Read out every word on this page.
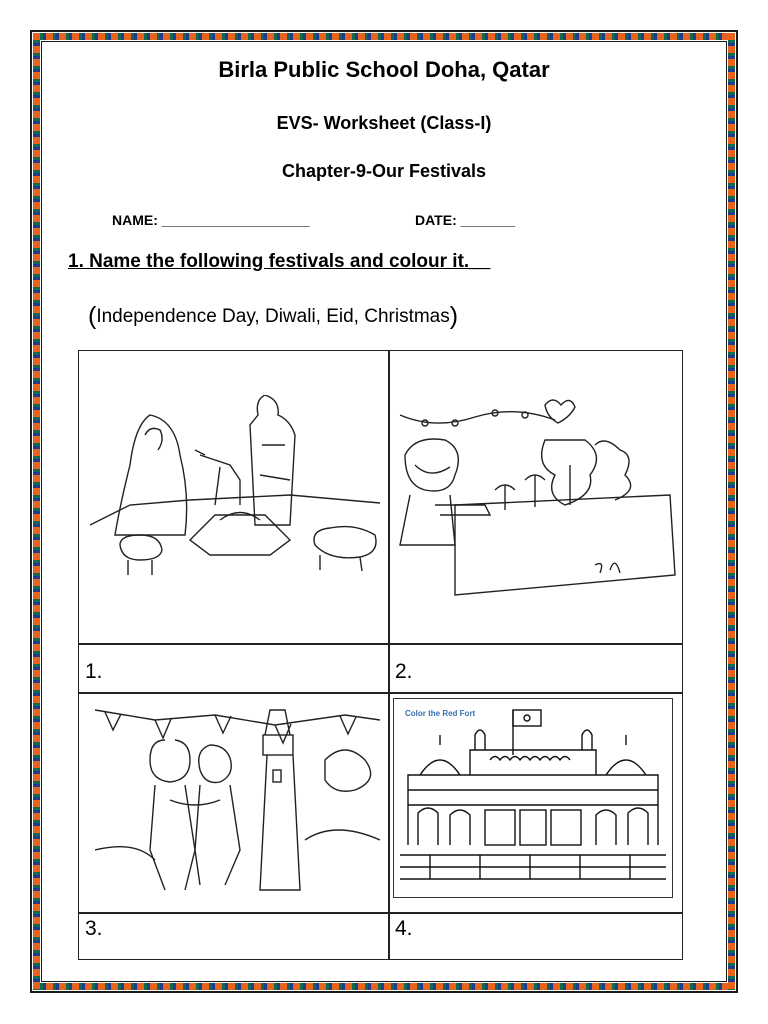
Birla Public School Doha, Qatar
EVS- Worksheet (Class-I)
Chapter-9-Our Festivals
NAME: ___________________	DATE: _______
1. Name the following festivals and colour it.__
(Independence Day, Diwali, Eid, Christmas)
1.	2.
3.	4.
Color the Red Fort
